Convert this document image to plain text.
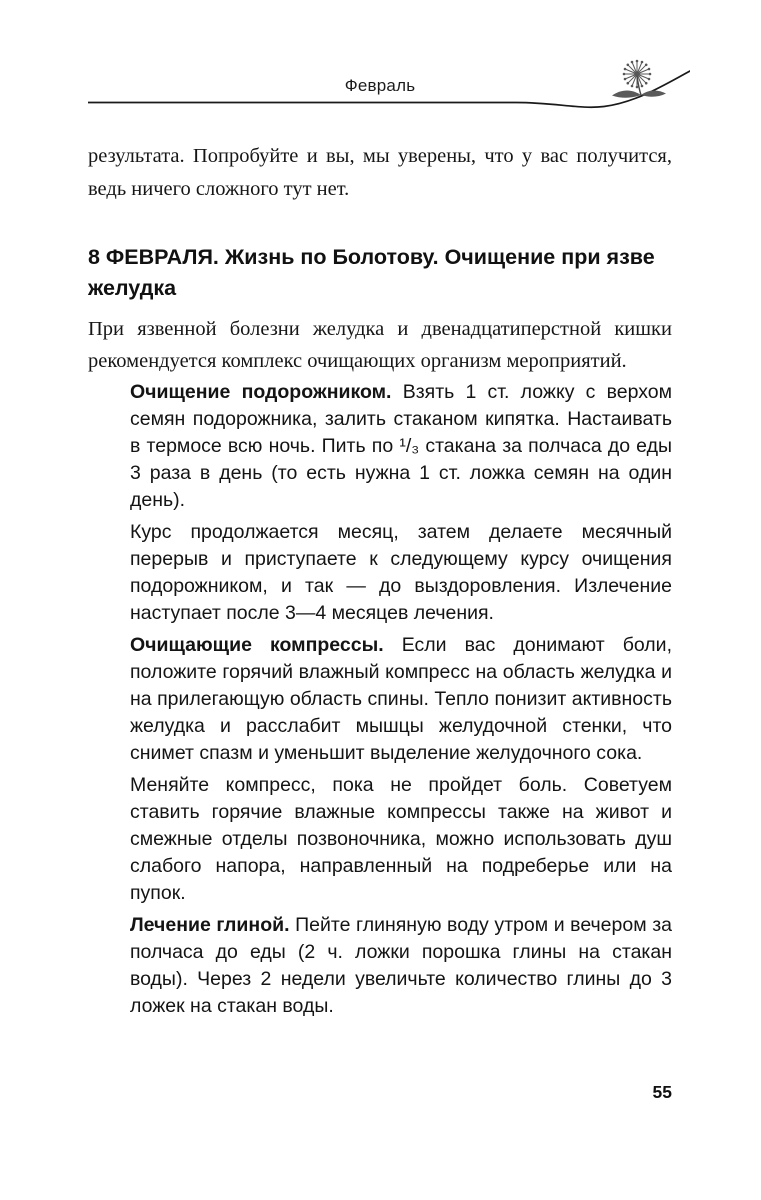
Февраль

результата. Попробуйте и вы, мы уверены, что у вас получится, ведь ничего сложного тут нет.

8 ФЕВРАЛЯ. Жизнь по Болотову. Очищение при язве желудка

При язвенной болезни желудка и двенадцатиперстной кишки рекомендуется комплекс очищающих организм мероприятий.

Очищение подорожником. Взять 1 ст. ложку с верхом семян подорожника, залить стаканом кипятка. Настаивать в термосе всю ночь. Пить по ¹/₃ стакана за полчаса до еды 3 раза в день (то есть нужна 1 ст. ложка семян на один день).

Курс продолжается месяц, затем делаете месячный перерыв и приступаете к следующему курсу очищения подорожником, и так — до выздоровления. Излечение наступает после 3—4 месяцев лечения.

Очищающие компрессы. Если вас донимают боли, положите горячий влажный компресс на область желудка и на прилегающую область спины. Тепло понизит активность желудка и расслабит мышцы желудочной стенки, что снимет спазм и уменьшит выделение желудочного сока.

Меняйте компресс, пока не пройдет боль. Советуем ставить горячие влажные компрессы также на живот и смежные отделы позвоночника, можно использовать душ слабого напора, направленный на подреберье или на пупок.

Лечение глиной. Пейте глиняную воду утром и вечером за полчаса до еды (2 ч. ложки порошка глины на стакан воды). Через 2 недели увеличьте количество глины до 3 ложек на стакан воды.

55
